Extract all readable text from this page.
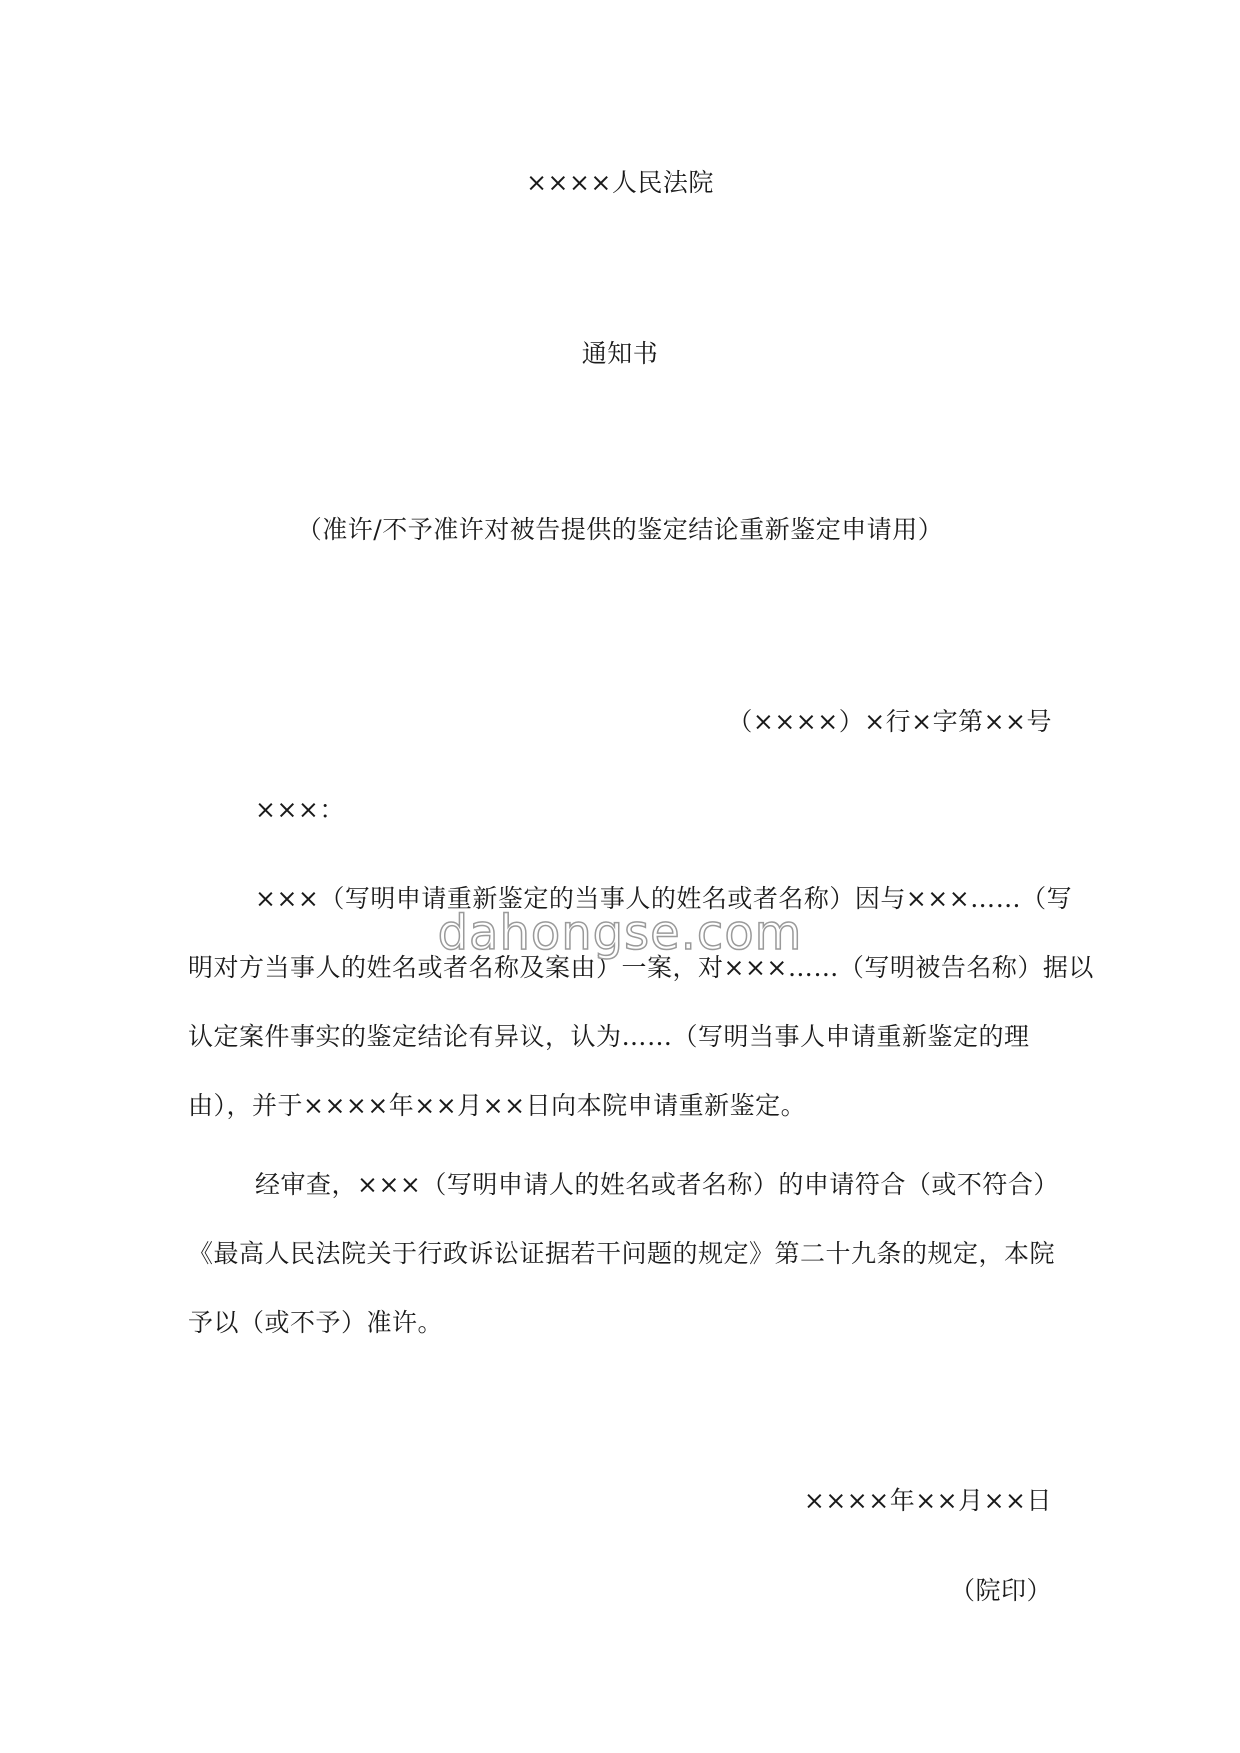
××××人民法院
通知书
（准许/不予准许对被告提供的鉴定结论重新鉴定申请用）
（××××）×行×字第××号
×××：
×××（写明申请重新鉴定的当事人的姓名或者名称）因与×××……（写
明对方当事人的姓名或者名称及案由）一案，对×××……（写明被告名称）据以
认定案件事实的鉴定结论有异议，认为……（写明当事人申请重新鉴定的理
由），并于××××年××月××日向本院申请重新鉴定。
经审查，×××（写明申请人的姓名或者名称）的申请符合（或不符合）
《最高人民法院关于行政诉讼证据若干问题的规定》第二十九条的规定，本院
予以（或不予）准许。
××××年××月××日
（院印）
dahongse.com
